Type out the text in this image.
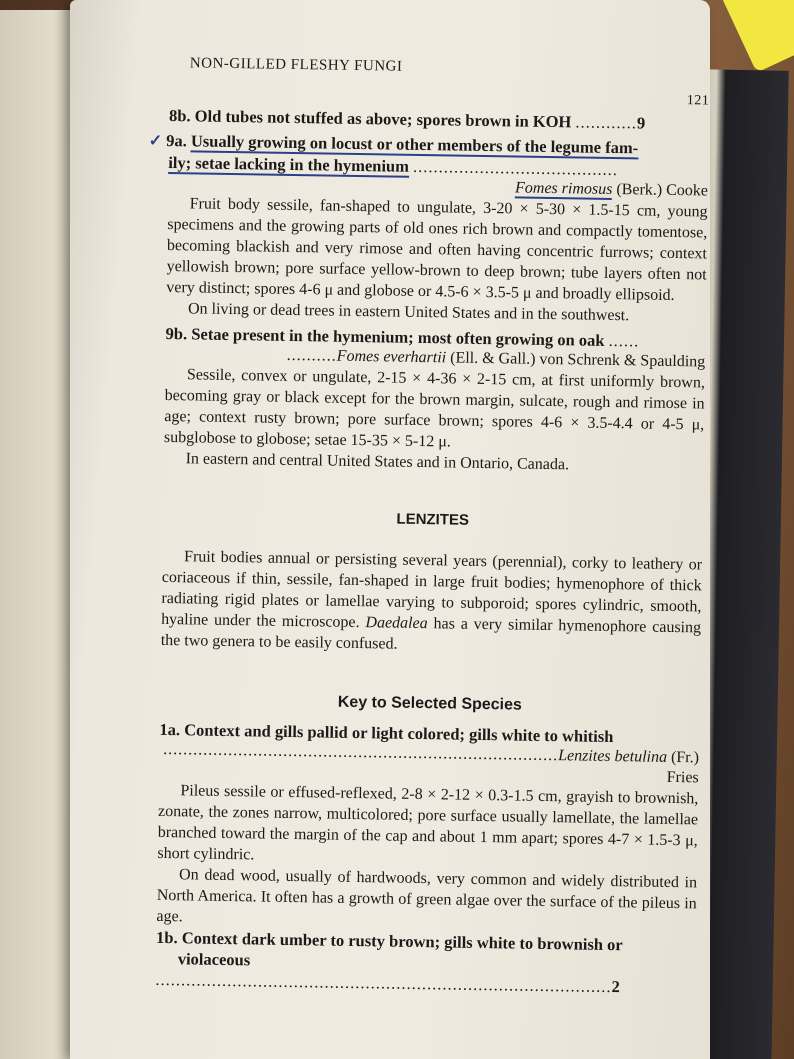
NON-GILLED FLESHY FUNGI
121
8b. Old tubes not stuffed as above; spores brown in KOH ............9
✓ 9a. Usually growing on locust or other members of the legume fam-
ily; setae lacking in the hymenium ........................................
Fomes rimosus (Berk.) Cooke

Fruit body sessile, fan-shaped to ungulate, 3-20 × 5-30 × 1.5-15 cm, young specimens and the growing parts of old ones rich brown and compactly tomentose, becoming blackish and very rimose and often having concentric furrows; context yellowish brown; pore surface yellow-brown to deep brown; tube layers often not very distinct; spores 4-6 μ and globose or 4.5-6 × 3.5-5 μ and broadly ellipsoid.

On living or dead trees in eastern United States and in the southwest.

9b. Setae present in the hymenium; most often growing on oak ......
..........Fomes everhartii (Ell. & Gall.) von Schrenk & Spaulding

Sessile, convex or ungulate, 2-15 × 4-36 × 2-15 cm, at first uniformly brown, becoming gray or black except for the brown margin, sulcate, rough and rimose in age; context rusty brown; pore surface brown; spores 4-6 × 3.5-4.4 or 4-5 μ, subglobose to globose; setae 15-35 × 5-12 μ.

In eastern and central United States and in Ontario, Canada.

LENZITES

Fruit bodies annual or persisting several years (perennial), corky to leathery or coriaceous if thin, sessile, fan-shaped in large fruit bodies; hymenophore of thick radiating rigid plates or lamellae varying to subporoid; spores cylindric, smooth, hyaline under the microscope. Daedalea has a very similar hymenophore causing the two genera to be easily confused.

Key to Selected Species
1a. Context and gills pallid or light colored; gills white to whitish
...............................................................................Lenzites betulina (Fr.) Fries

Pileus sessile or effused-reflexed, 2-8 × 2-12 × 0.3-1.5 cm, grayish to brownish, zonate, the zones narrow, multicolored; pore surface usually lamellate, the lamellae branched toward the margin of the cap and about 1 mm apart; spores 4-7 × 1.5-3 μ, short cylindric.

On dead wood, usually of hardwoods, very common and widely distributed in North America. It often has a growth of green algae over the surface of the pileus in age.

1b. Context dark umber to rusty brown; gills white to brownish or
violaceous .........................................................................................2
